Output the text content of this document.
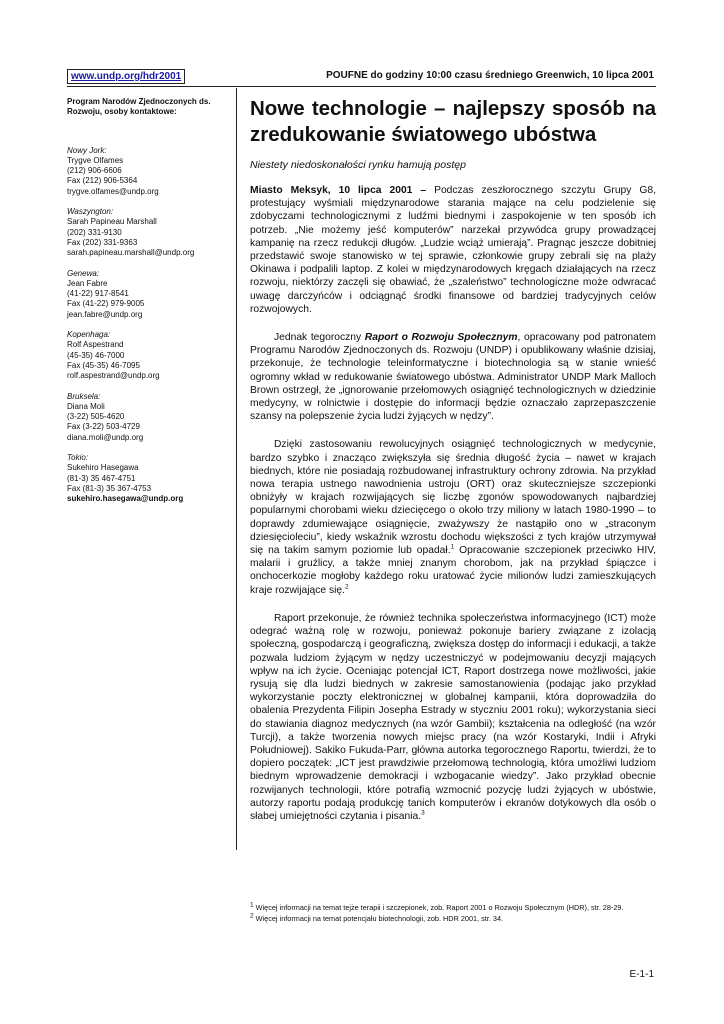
www.undp.org/hdr2001	POUFNE do godziny 10:00 czasu średniego Greenwich, 10 lipca 2001
Program Narodów Zjednoczonych ds. Rozwoju, osoby kontaktowe:
Nowy Jork:
Trygve Olfames
(212) 906-6606
Fax (212) 906-5364
trygve.olfames@undp.org
Waszyngton:
Sarah Papineau Marshall
(202) 331-9130
Fax (202) 331-9363
sarah.papineau.marshall@undp.org
Genewa:
Jean Fabre
(41-22) 917-8541
Fax (41-22) 979-9005
jean.fabre@undp.org
Kopenhaga:
Rolf Aspestrand
(45-35) 46-7000
Fax (45-35) 46-7095
rolf.aspestrand@undp.org
Bruksela:
Diana Moli
(3-22) 505-4620
Fax (3-22) 503-4729
diana.moli@undp.org
Tokio:
Sukehiro Hasegawa
(81-3) 35 467-4751
Fax (81-3) 35 367-4753
sukehiro.hasegawa@undp.org
Nowe technologie – najlepszy sposób na zredukowanie światowego ubóstwa
Niestety niedoskonałości rynku hamują postęp

Miasto Meksyk, 10 lipca 2001 – Podczas zeszłorocznego szczytu Grupy G8, protestujący wyśmiali międzynarodowe starania mające na celu podzielenie się zdobyczami technologicznymi z ludźmi biednymi i zaspokojenie w ten sposób ich potrzeb. „Nie możemy jeść komputerów” narzekał przywódca grupy prowadzącej kampanię na rzecz redukcji długów. „Ludzie wciąż umierają”. Pragnąc jeszcze dobitniej przedstawić swoje stanowisko w tej sprawie, członkowie grupy zebrali się na plaży Okinawa i podpalili laptop. Z kolei w międzynarodowych kręgach działających na rzecz rozwoju, niektórzy zaczęli się obawiać, że „szaleństwo” technologiczne może odwracać uwagę darczyńców i odciągnąć środki finansowe od bardziej tradycyjnych celów rozwojowych.

Jednak tegoroczny Raport o Rozwoju Społecznym, opracowany pod patronatem Programu Narodów Zjednoczonych ds. Rozwoju (UNDP) i opublikowany właśnie dzisiaj, przekonuje, że technologie teleinformatyczne i biotechnologia są w stanie wnieść ogromny wkład w redukowanie światowego ubóstwa. Administrator UNDP Mark Malloch Brown ostrzegł, że „ignorowanie przełomowych osiągnięć technologicznych w dziedzinie medycyny, w rolnictwie i dostępie do informacji będzie oznaczało zaprzepaszczenie szansy na polepszenie życia ludzi żyjących w nędzy”.

Dzięki zastosowaniu rewolucyjnych osiągnięć technologicznych w medycynie, bardzo szybko i znacząco zwiększyła się średnia długość życia – nawet w krajach biednych, które nie posiadają rozbudowanej infrastruktury ochrony zdrowia. Na przykład nowa terapia ustnego nawodnienia ustroju (ORT) oraz skuteczniejsze szczepionki obniżyły w krajach rozwijających się liczbę zgonów spowodowanych najbardziej popularnymi chorobami wieku dziecięcego o około trzy miliony w latach 1980-1990 – to doprawdy zdumiewające osiągnięcie, zważywszy że nastąpiło ono w „straconym dziesięcioleciu”, kiedy wskaźnik wzrostu dochodu większości z tych krajów utrzymywał się na takim samym poziomie lub opadał.$^1$ Opracowanie szczepionek przeciwko HIV, malarii i gruźlicy, a także mniej znanym chorobom, jak na przykład śpiączce i onchocerkozie mogłoby każdego roku uratować życie milionów ludzi zamieszkujących kraje rozwijające się.$^2$

Raport przekonuje, że również technika społeczeństwa informacyjnego (ICT) może odegrać ważną rolę w rozwoju, ponieważ pokonuje bariery związane z izolacją społeczną, gospodarczą i geograficzną, zwiększa dostęp do informacji i edukacji, a także pozwala ludziom żyjącym w nędzy uczestniczyć w podejmowaniu decyzji mających wpływ na ich życie. Oceniając potencjał ICT, Raport dostrzega nowe możliwości, jakie rysują się dla ludzi biednych w zakresie samostanowienia (podając jako przykład wykorzystanie poczty elektronicznej w globalnej kampanii, która doprowadziła do obalenia Prezydenta Filipin Josepha Estrady w styczniu 2001 roku); wykorzystania sieci do stawiania diagnoz medycznych (na wzór Gambii); kształcenia na odległość (na wzór Turcji), a także tworzenia nowych miejsc pracy (na wzór Kostaryki, Indii i Afryki Południowej). Sakiko Fukuda-Parr, główna autorka tegorocznego Raportu, twierdzi, że to dopiero początek: „ICT jest prawdziwie przełomową technologią, która umożliwi ludziom biednym wprowadzenie demokracji i wzbogacanie wiedzy”. Jako przykład obecnie rozwijanych technologii, które potrafią wzmocnić pozycję ludzi żyjących w ubóstwie, autorzy raportu podają produkcję tanich komputerów i ekranów dotykowych dla osób o słabej umiejętności czytania i pisania.$^3$

$^1$ Więcej informacji na temat tejże terapii i szczepionek, zob. Raport 2001 o Rozwoju Społecznym (HDR), str. 28-29.

$^2$ Więcej informacji na temat potencjału biotechnologii, zob. HDR 2001, str. 34.

E-1-1
